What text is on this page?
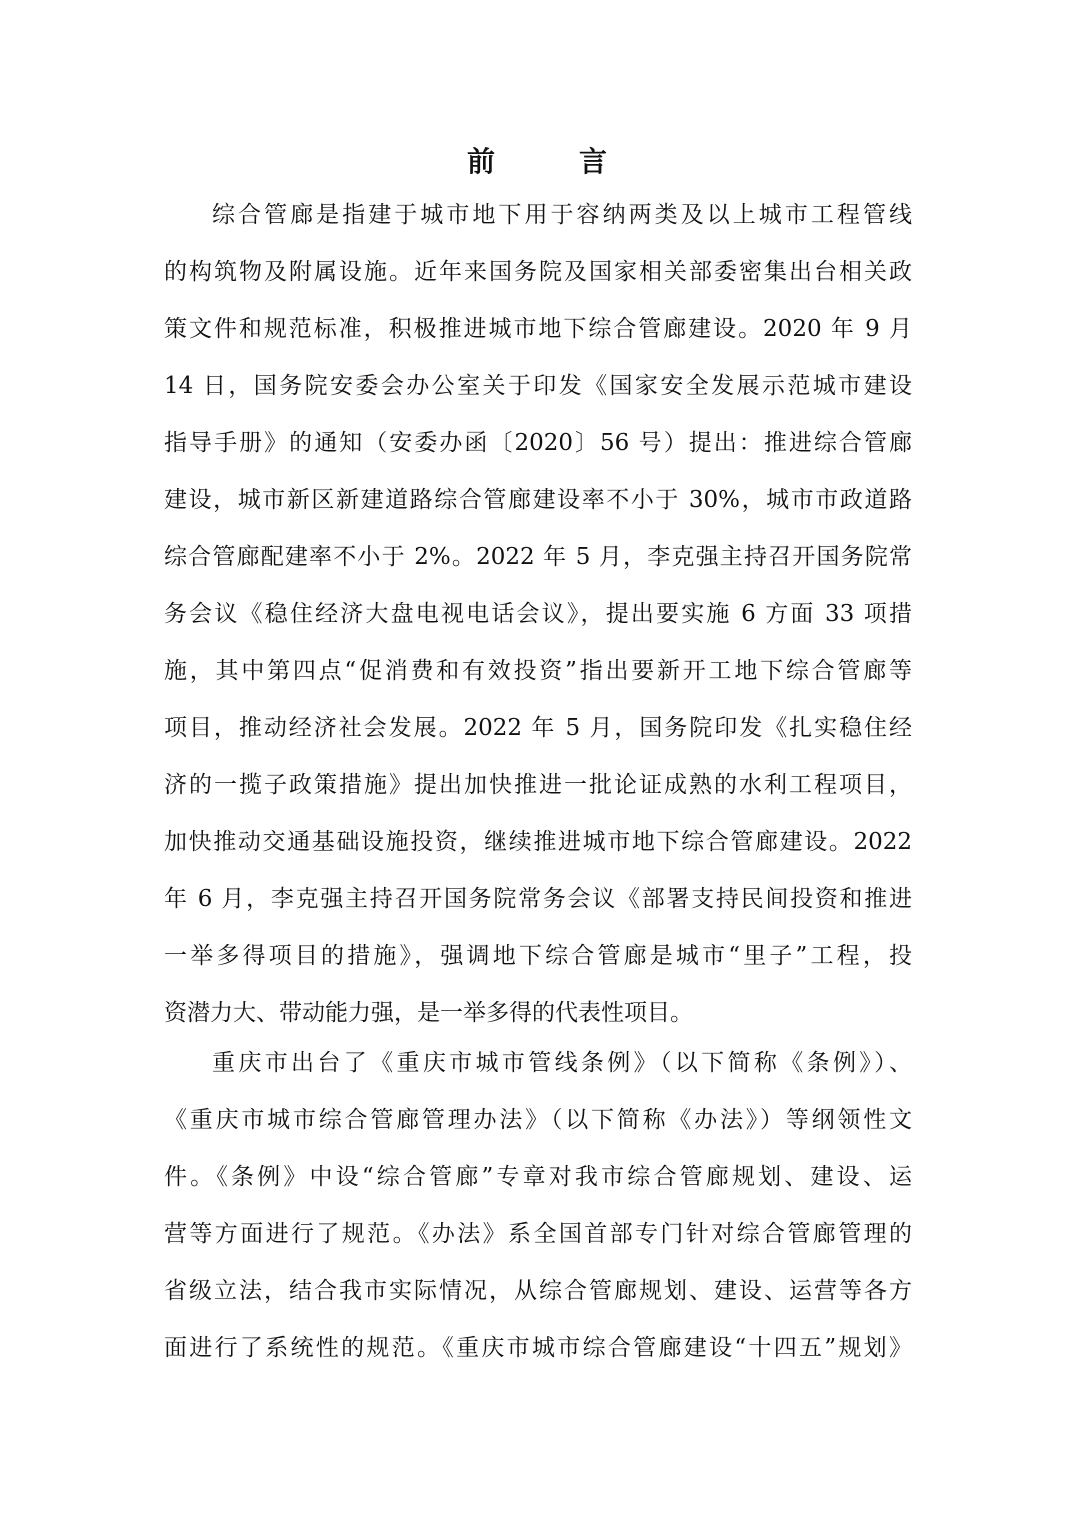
前　言

综合管廊是指建于城市地下用于容纳两类及以上城市工程管线

的构筑物及附属设施。近年来国务院及国家相关部委密集出台相关政

策文件和规范标准，积极推进城市地下综合管廊建设。2020 年 9 月

14 日，国务院安委会办公室关于印发《国家安全发展示范城市建设

指导手册》的通知（安委办函〔2020〕56 号）提出：推进综合管廊

建设，城市新区新建道路综合管廊建设率不小于 30%，城市市政道路

综合管廊配建率不小于 2%。2022 年 5 月，李克强主持召开国务院常

务会议《稳住经济大盘电视电话会议》，提出要实施 6 方面 33 项措

施，其中第四点“促消费和有效投资”指出要新开工地下综合管廊等

项目，推动经济社会发展。2022 年 5 月，国务院印发《扎实稳住经

济的一揽子政策措施》提出加快推进一批论证成熟的水利工程项目，

加快推动交通基础设施投资，继续推进城市地下综合管廊建设。2022

年 6 月，李克强主持召开国务院常务会议《部署支持民间投资和推进

一举多得项目的措施》，强调地下综合管廊是城市“里子”工程，投

资潜力大、带动能力强，是一举多得的代表性项目。

重庆市出台了《重庆市城市管线条例》（以下简称《条例》）、

《重庆市城市综合管廊管理办法》（以下简称《办法》）等纲领性文

件。《条例》中设“综合管廊”专章对我市综合管廊规划、建设、运

营等方面进行了规范。《办法》系全国首部专门针对综合管廊管理的

省级立法，结合我市实际情况，从综合管廊规划、建设、运营等各方

面进行了系统性的规范。《重庆市城市综合管廊建设“十四五”规划》
